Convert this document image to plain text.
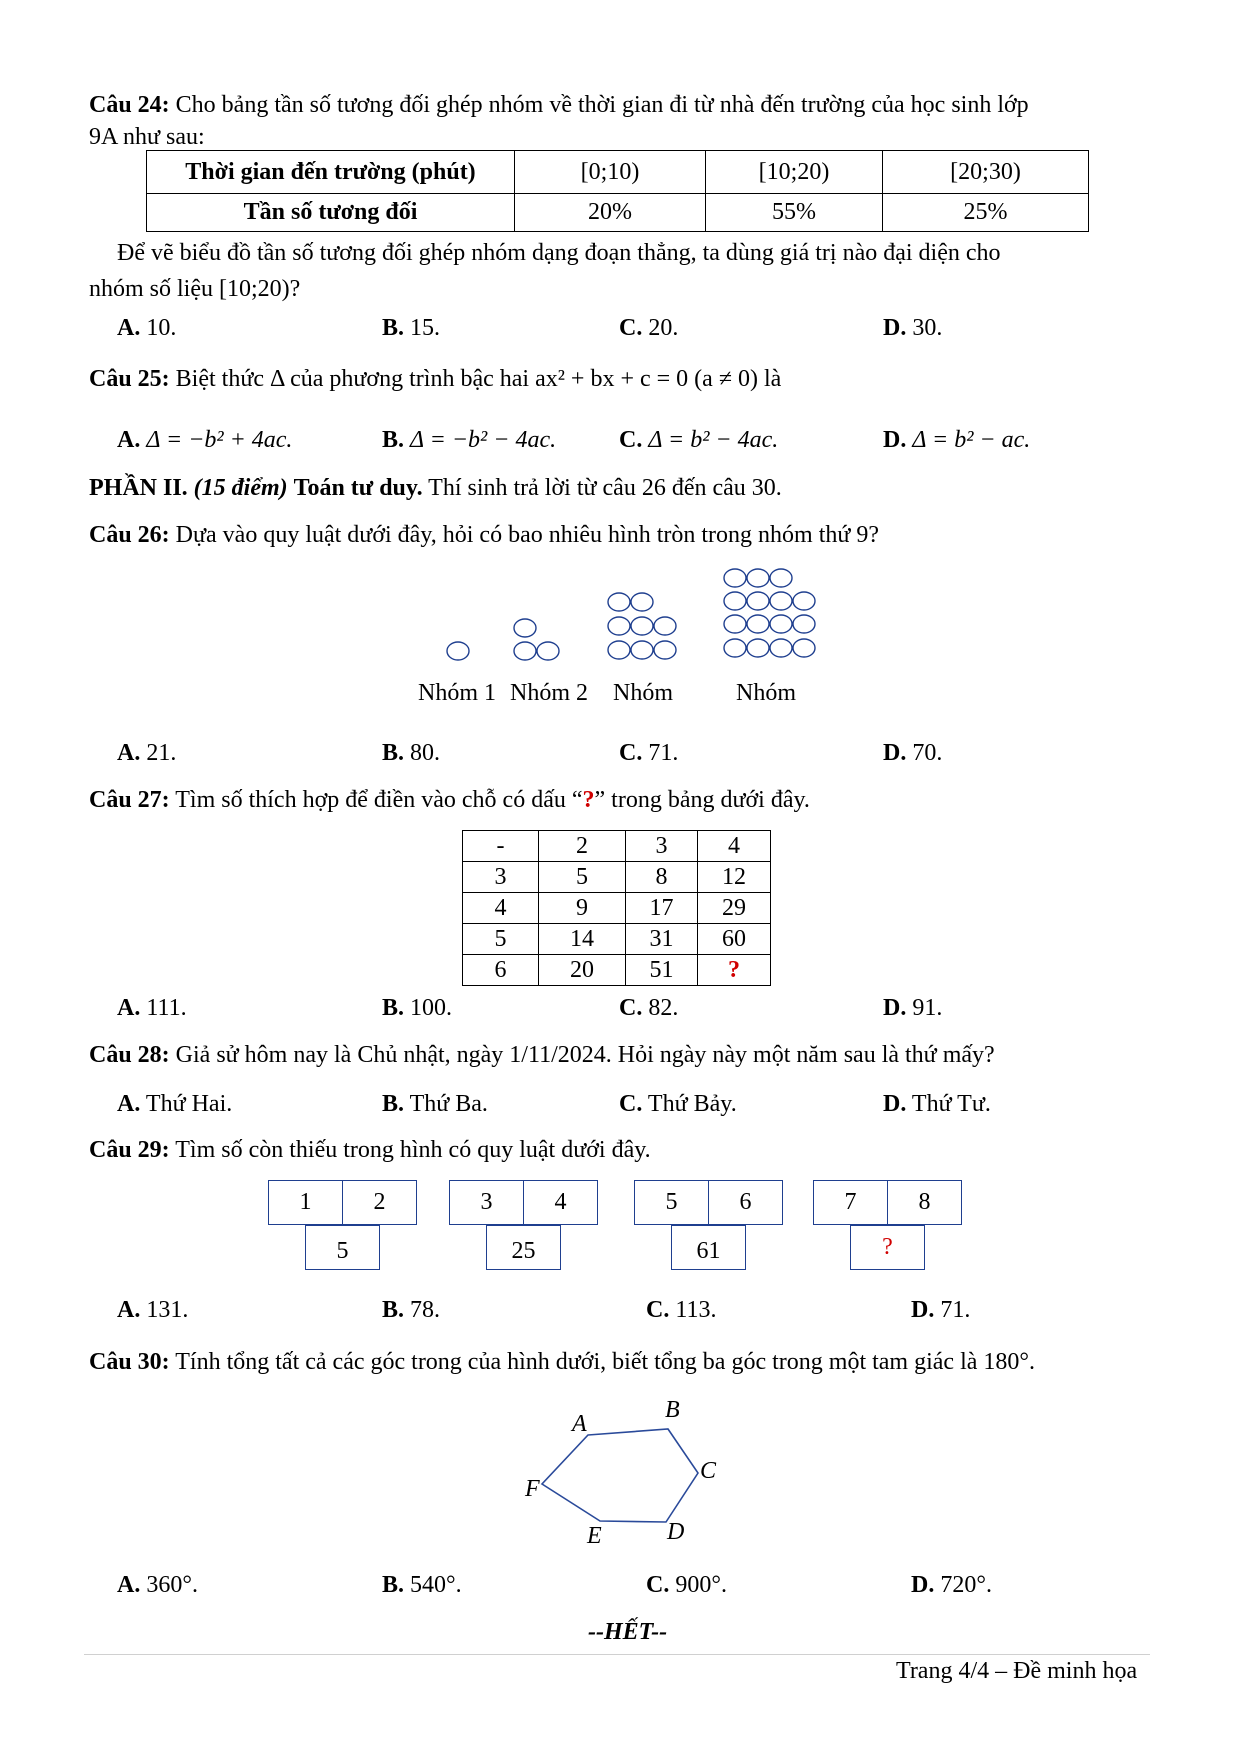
Câu 24: Cho bảng tần số tương đối ghép nhóm về thời gian đi từ nhà đến trường của học sinh lớp
9A như sau:
Thời gian đến trường (phút)	[0;10)	[10;20)	[20;30)
Tần số tương đối	20%	55%	25%
Để vẽ biểu đồ tần số tương đối ghép nhóm dạng đoạn thẳng, ta dùng giá trị nào đại diện cho
nhóm số liệu [10;20)?
A. 10.	B. 15.	C. 20.	D. 30.
Câu 25: Biệt thức Δ của phương trình bậc hai ax² + bx + c = 0 (a ≠ 0) là
A. Δ = −b² + 4ac.	B. Δ = −b² − 4ac.	C. Δ = b² − 4ac.	D. Δ = b² − ac.
PHẦN II. (15 điểm) Toán tư duy. Thí sinh trả lời từ câu 26 đến câu 30.
Câu 26: Dựa vào quy luật dưới đây, hỏi có bao nhiêu hình tròn trong nhóm thứ 9?
Nhóm 1 Nhóm 2 Nhóm	Nhóm
A. 21.	B. 80.	C. 71.	D. 70.
Câu 27: Tìm số thích hợp để điền vào chỗ có dấu “?” trong bảng dưới đây.
-	2	3	4
3	5	8	12
4	9	17	29
5	14	31	60
6	20	51	?
A. 111.	B. 100.	C. 82.	D. 91.
Câu 28: Giả sử hôm nay là Chủ nhật, ngày 1/11/2024. Hỏi ngày này một năm sau là thứ mấy?
A. Thứ Hai.	B. Thứ Ba.	C. Thứ Bảy.	D. Thứ Tư.
Câu 29: Tìm số còn thiếu trong hình có quy luật dưới đây.
1	2
5
3	4
25
5	6
61
7	8
?
A. 131.	B. 78.	C. 113.	D. 71.
Câu 30: Tính tổng tất cả các góc trong của hình dưới, biết tổng ba góc trong một tam giác là 180°.
A
B
C
D
E
F
A. 360°.	B. 540°.	C. 900°.	D. 720°.
--HẾT--
Trang 4/4 – Đề minh họa
